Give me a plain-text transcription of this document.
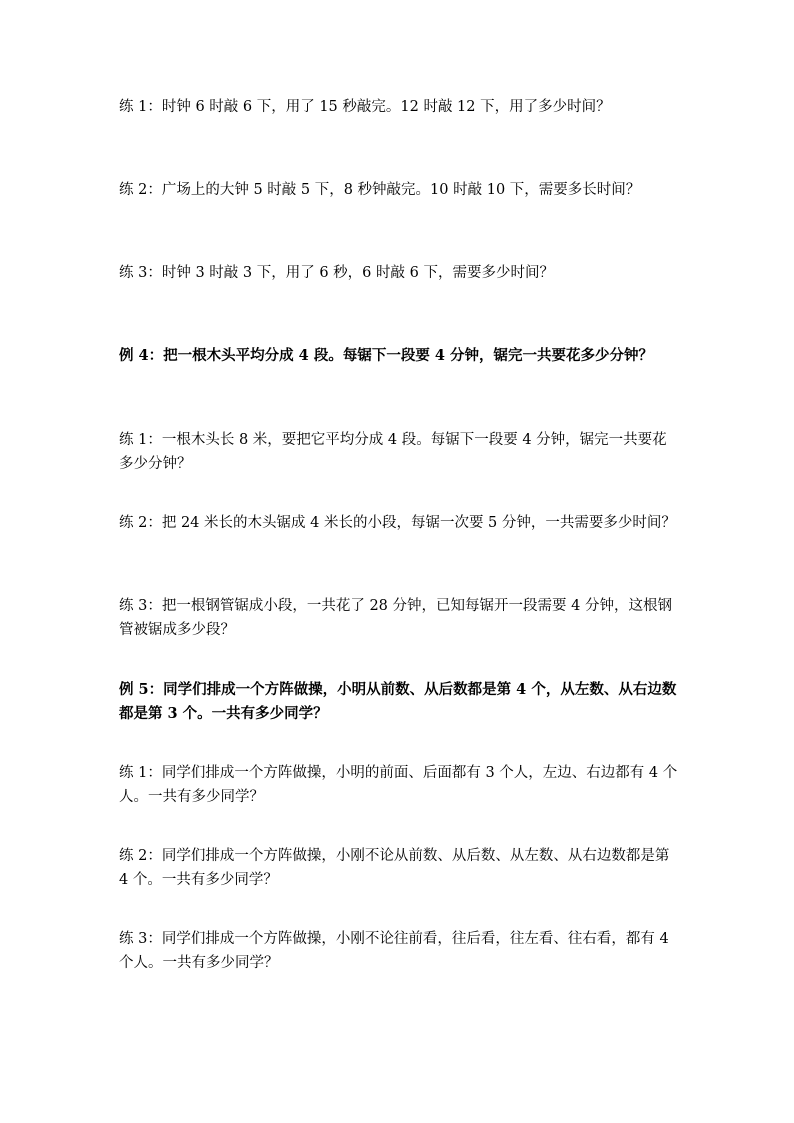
练 1：时钟 6 时敲 6 下，用了 15 秒敲完。12 时敲 12 下，用了多少时间？

练 2：广场上的大钟 5 时敲 5 下，8 秒钟敲完。10 时敲 10 下，需要多长时间？

练 3：时钟 3 时敲 3 下，用了 6 秒，6 时敲 6 下，需要多少时间？

例 4：把一根木头平均分成 4 段。每锯下一段要 4 分钟，锯完一共要花多少分钟？

练 1：一根木头长 8 米，要把它平均分成 4 段。每锯下一段要 4 分钟，锯完一共要花多少分钟？

练 2：把 24 米长的木头锯成 4 米长的小段，每锯一次要 5 分钟，一共需要多少时间？

练 3：把一根钢管锯成小段，一共花了 28 分钟，已知每锯开一段需要 4 分钟，这根钢管被锯成多少段？

例 5：同学们排成一个方阵做操，小明从前数、从后数都是第 4 个，从左数、从右边数都是第 3 个。一共有多少同学？

练 1：同学们排成一个方阵做操，小明的前面、后面都有 3 个人，左边、右边都有 4 个人。一共有多少同学？

练 2：同学们排成一个方阵做操，小刚不论从前数、从后数、从左数、从右边数都是第 4 个。一共有多少同学？

练 3：同学们排成一个方阵做操，小刚不论往前看，往后看，往左看、往右看，都有 4 个人。一共有多少同学？
